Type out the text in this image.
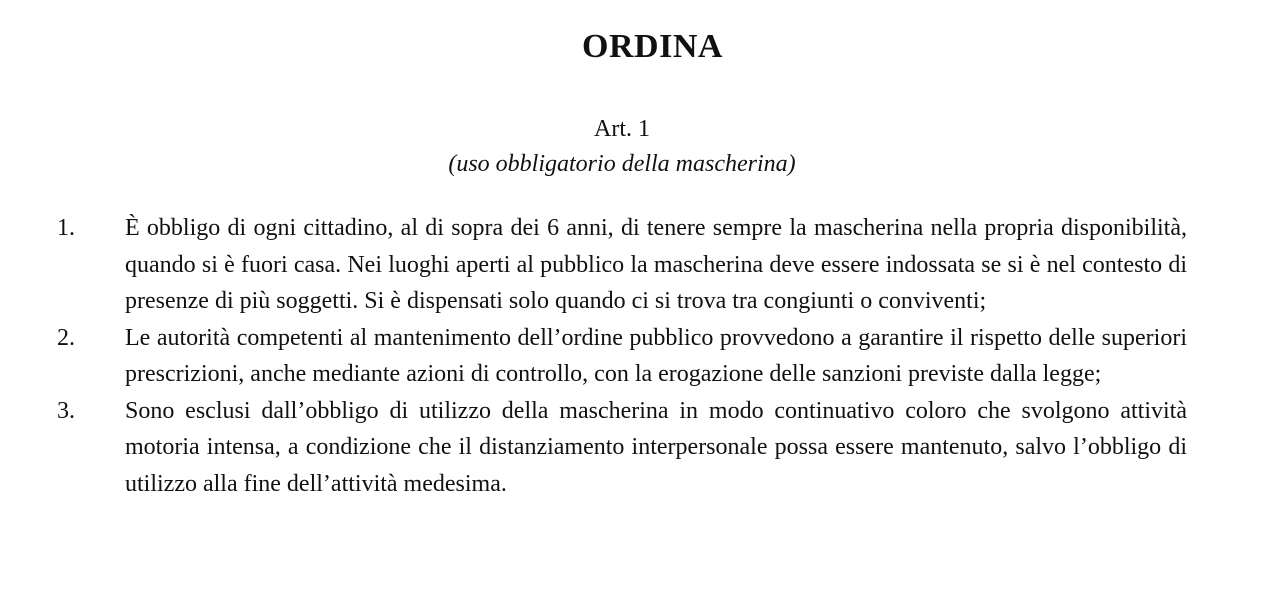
ORDINA

Art. 1

(uso obbligatorio della mascherina)

1. È obbligo di ogni cittadino, al di sopra dei 6 anni, di tenere sempre la mascherina nella propria disponibilità, quando si è fuori casa. Nei luoghi aperti al pubblico la mascherina deve essere indossata se si è nel contesto di presenze di più soggetti. Si è dispensati solo quando ci si trova tra congiunti o conviventi;

2. Le autorità competenti al mantenimento dell’ordine pubblico provvedono a garantire il rispetto delle superiori prescrizioni, anche mediante azioni di controllo, con la erogazione delle sanzioni previste dalla legge;

3. Sono esclusi dall’obbligo di utilizzo della mascherina in modo continuativo coloro che svolgono attività motoria intensa, a condizione che il distanziamento interpersonale possa essere mantenuto, salvo l’obbligo di utilizzo alla fine dell’attività medesima.
